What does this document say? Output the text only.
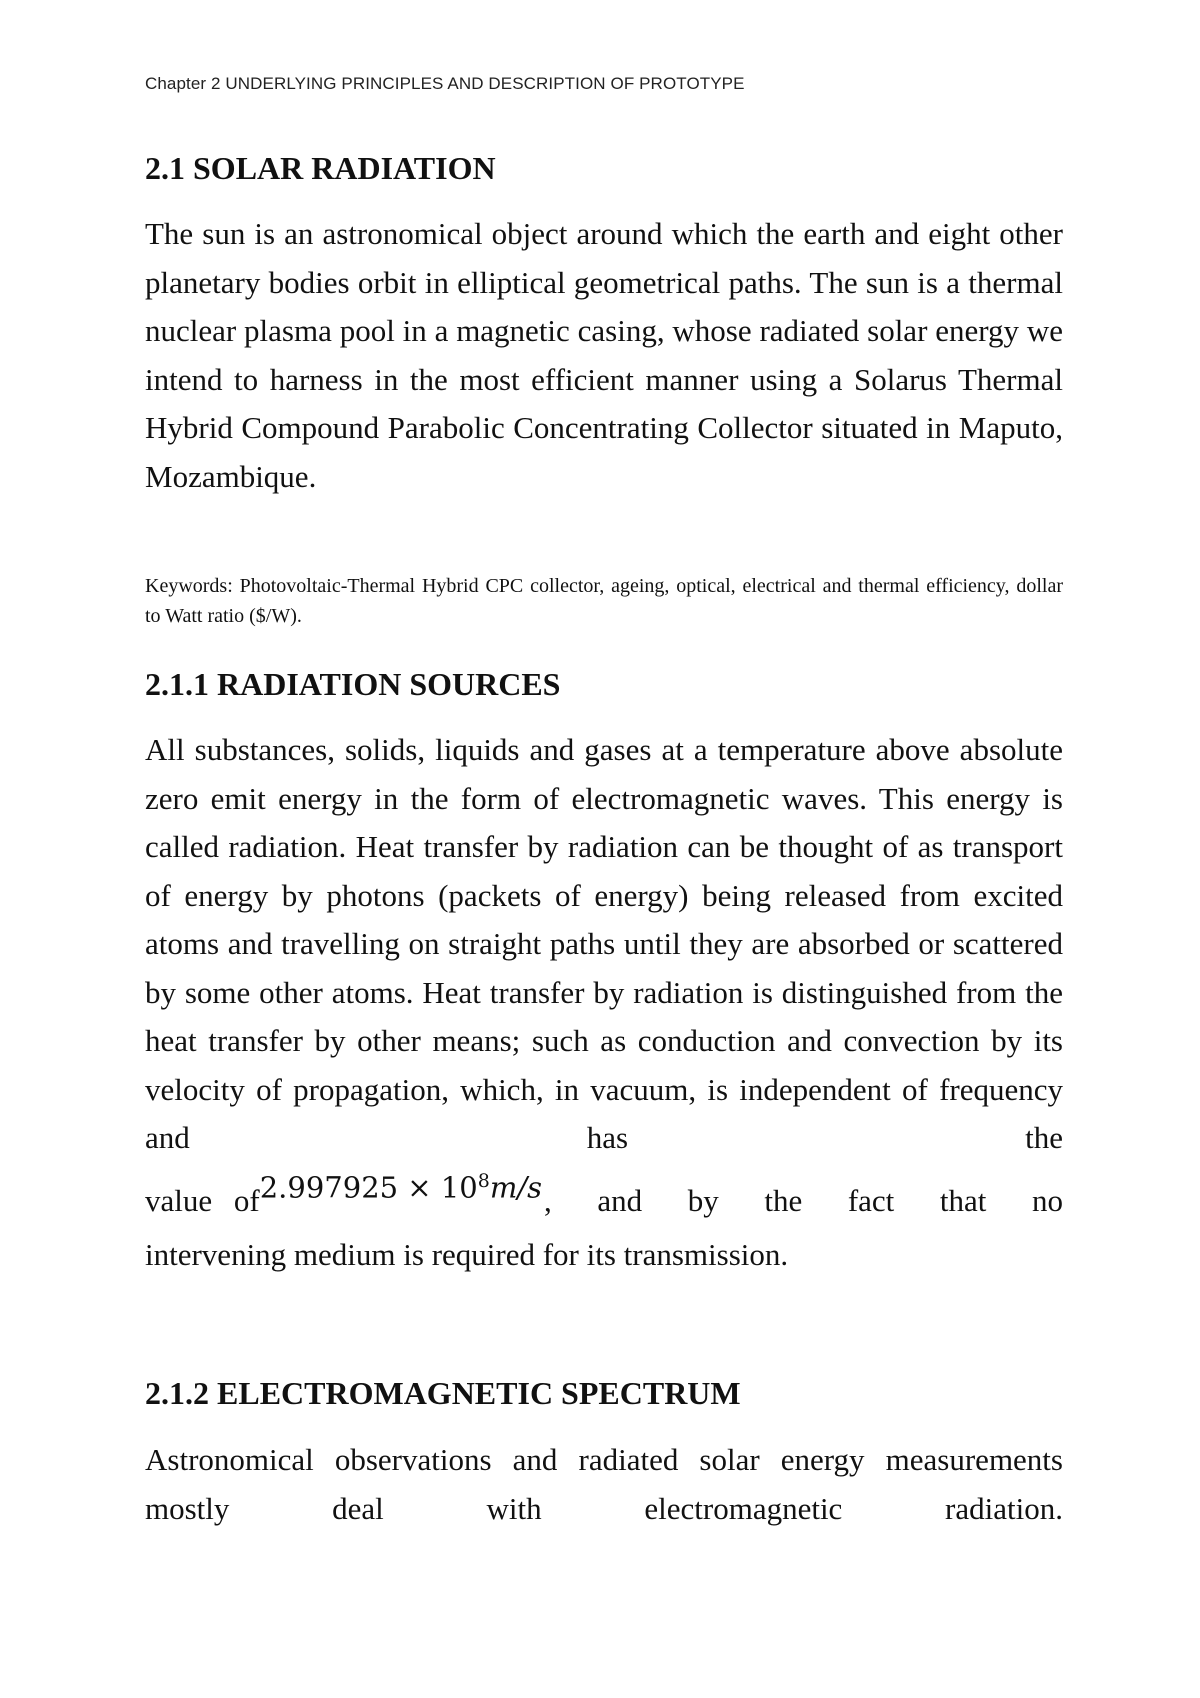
Chapter 2 UNDERLYING PRINCIPLES AND DESCRIPTION OF PROTOTYPE
2.1 SOLAR RADIATION

The sun is an astronomical object around which the earth and eight other planetary bodies orbit in elliptical geometrical paths. The sun is a thermal nuclear plasma pool in a magnetic casing, whose radiated solar energy we intend to harness in the most efficient manner using a Solarus Thermal Hybrid Compound Parabolic Concentrating Collector situated in Maputo, Mozambique.

Keywords: Photovoltaic-Thermal Hybrid CPC collector, ageing, optical, electrical and thermal efficiency, dollar to Watt ratio ($/W).

2.1.1 RADIATION SOURCES
All substances, solids, liquids and gases at a temperature above absolute zero emit energy in the form of electromagnetic waves. This energy is called radiation. Heat transfer by radiation can be thought of as transport of energy by photons (packets of energy) being released from excited atoms and travelling on straight paths until they are absorbed or scattered by some other atoms. Heat transfer by radiation is distinguished from the heat transfer by other means; such as conduction and convection by its velocity of propagation, which, in vacuum, is independent of frequency and has the
value of $2.997925 \times 10^8m/s$ , and by the fact that no
intervening medium is required for its transmission.
2.1.2 ELECTROMAGNETIC SPECTRUM

Astronomical observations and radiated solar energy measurements mostly deal with electromagnetic radiation.
